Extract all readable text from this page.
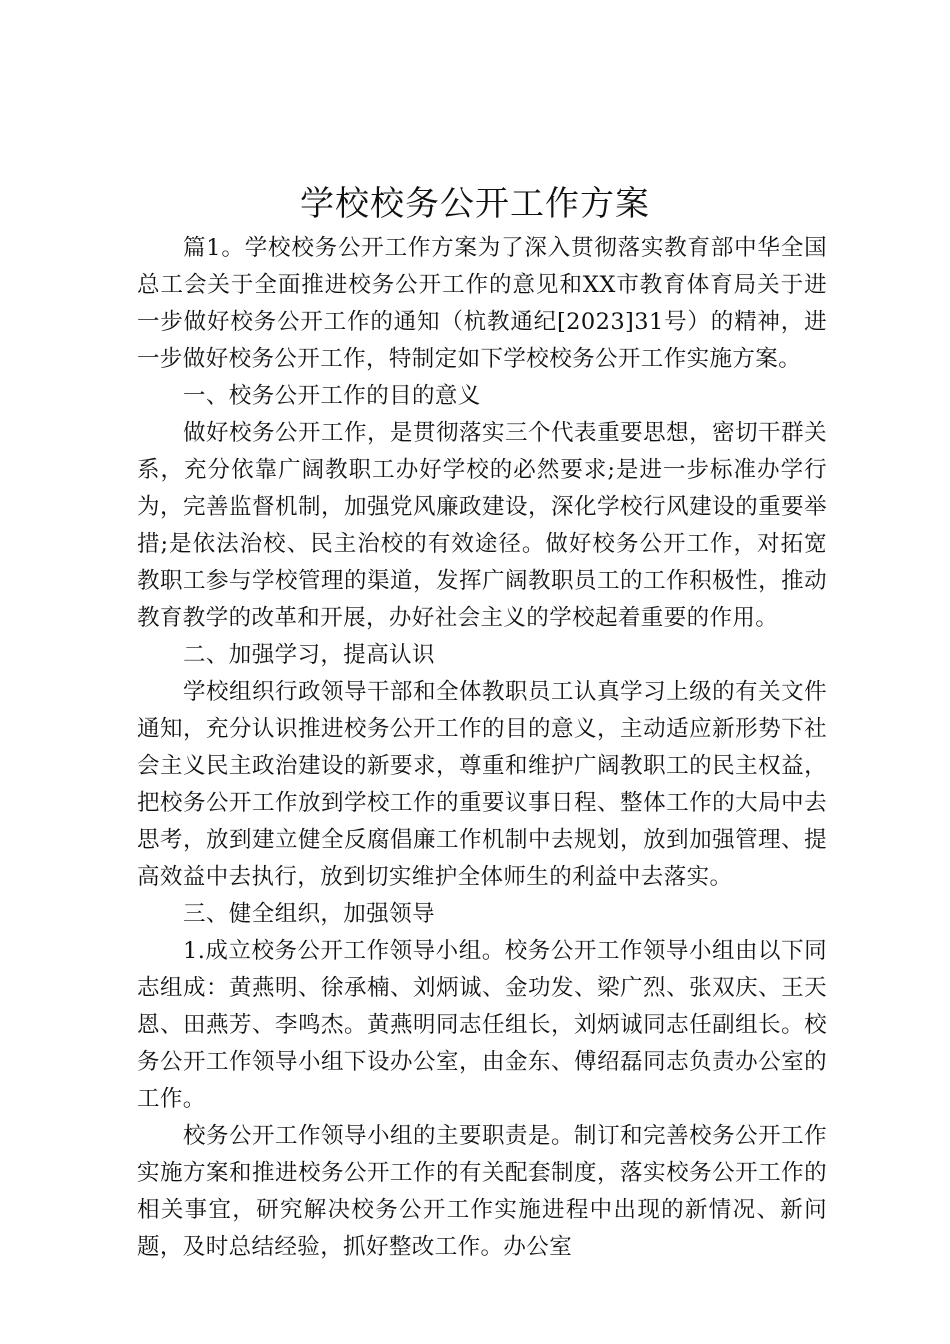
学校校务公开工作方案

篇1。学校校务公开工作方案为了深入贯彻落实教育部中华全国总工会关于全面推进校务公开工作的意见和XX市教育体育局关于进一步做好校务公开工作的通知（杭教通纪[2023]31号）的精神，进一步做好校务公开工作，特制定如下学校校务公开工作实施方案。

一、校务公开工作的目的意义

做好校务公开工作，是贯彻落实三个代表重要思想，密切干群关系，充分依靠广阔教职工办好学校的必然要求;是进一步标准办学行为，完善监督机制，加强党风廉政建设，深化学校行风建设的重要举措;是依法治校、民主治校的有效途径。做好校务公开工作，对拓宽教职工参与学校管理的渠道，发挥广阔教职员工的工作积极性，推动教育教学的改革和开展，办好社会主义的学校起着重要的作用。

二、加强学习，提高认识

学校组织行政领导干部和全体教职员工认真学习上级的有关文件通知，充分认识推进校务公开工作的目的意义，主动适应新形势下社会主义民主政治建设的新要求，尊重和维护广阔教职工的民主权益，把校务公开工作放到学校工作的重要议事日程、整体工作的大局中去思考，放到建立健全反腐倡廉工作机制中去规划，放到加强管理、提高效益中去执行，放到切实维护全体师生的利益中去落实。

三、健全组织，加强领导

1.成立校务公开工作领导小组。校务公开工作领导小组由以下同志组成：黄燕明、徐承楠、刘炳诚、金功发、梁广烈、张双庆、王天恩、田燕芳、李鸣杰。黄燕明同志任组长，刘炳诚同志任副组长。校务公开工作领导小组下设办公室，由金东、傅绍磊同志负责办公室的工作。

校务公开工作领导小组的主要职责是。制订和完善校务公开工作实施方案和推进校务公开工作的有关配套制度，落实校务公开工作的相关事宜，研究解决校务公开工作实施进程中出现的新情况、新问题，及时总结经验，抓好整改工作。办公室
